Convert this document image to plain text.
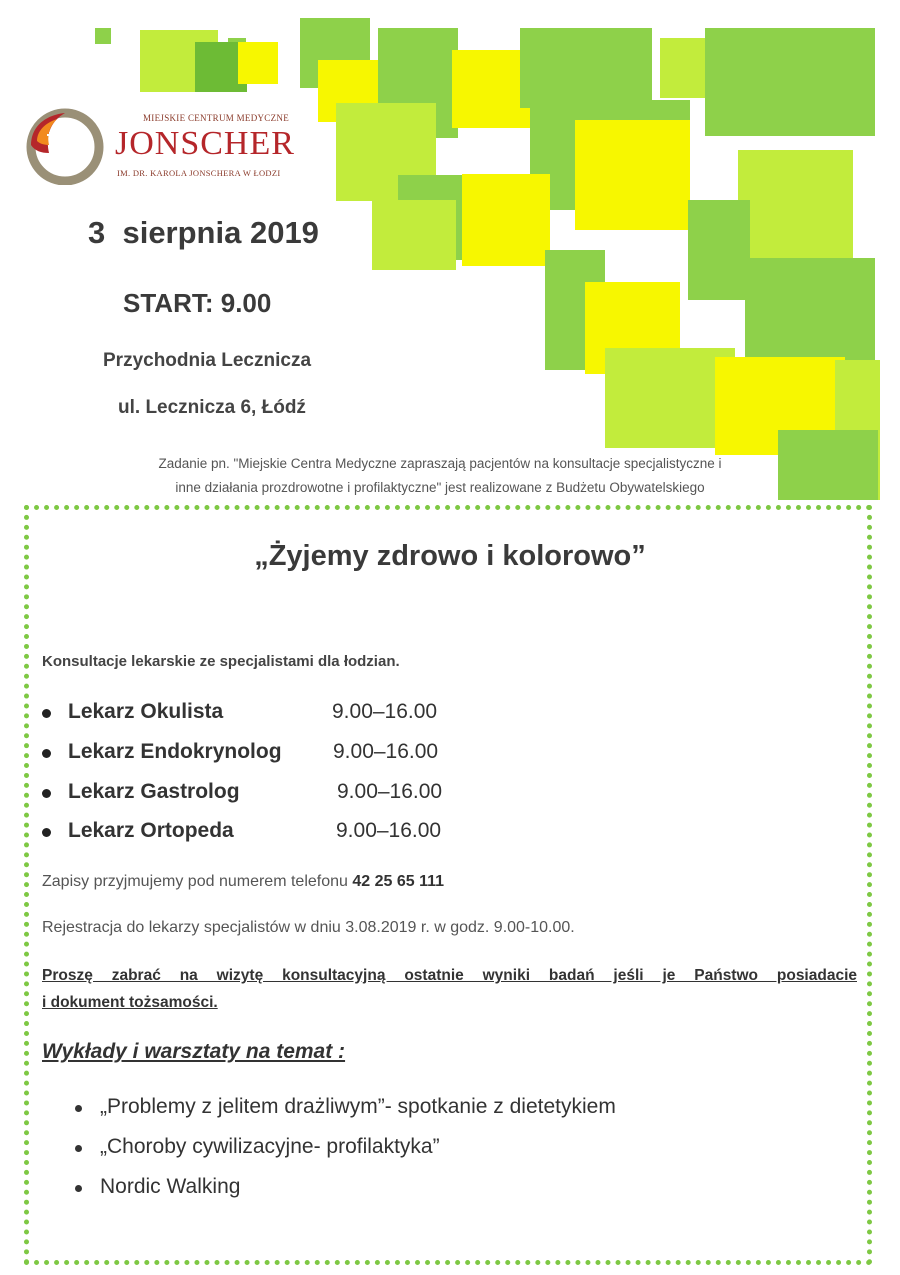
MIEJSKIE CENTRUM MEDYCZNE
JONSCHER
IM. DR. KAROLA JONSCHERA W ŁODZI
3  sierpnia 2019
START: 9.00
Przychodnia Lecznicza
ul. Lecznicza 6, Łódź
Zadanie pn. "Miejskie Centra Medyczne zapraszają pacjentów na konsultacje specjalistyczne i
inne działania prozdrowotne i profilaktyczne" jest realizowane z Budżetu Obywatelskiego
„Żyjemy zdrowo i kolorowo”
Konsultacje lekarskie ze specjalistami dla łodzian.
Lekarz Okulista	9.00–16.00
Lekarz Endokrynolog 9.00–16.00
Lekarz Gastrolog	9.00–16.00
Lekarz Ortopeda	9.00–16.00
Zapisy przyjmujemy pod numerem telefonu 42 25 65 111
Rejestracja do lekarzy specjalistów w dniu 3.08.2019 r. w godz. 9.00-10.00.
Proszę zabrać na wizytę konsultacyjną ostatnie wyniki badań jeśli je Państwo posiadacie
i dokument tożsamości.
Wykłady i warsztaty na temat :
„Problemy z jelitem drażliwym”- spotkanie z dietetykiem
„Choroby cywilizacyjne- profilaktyka”
Nordic Walking
